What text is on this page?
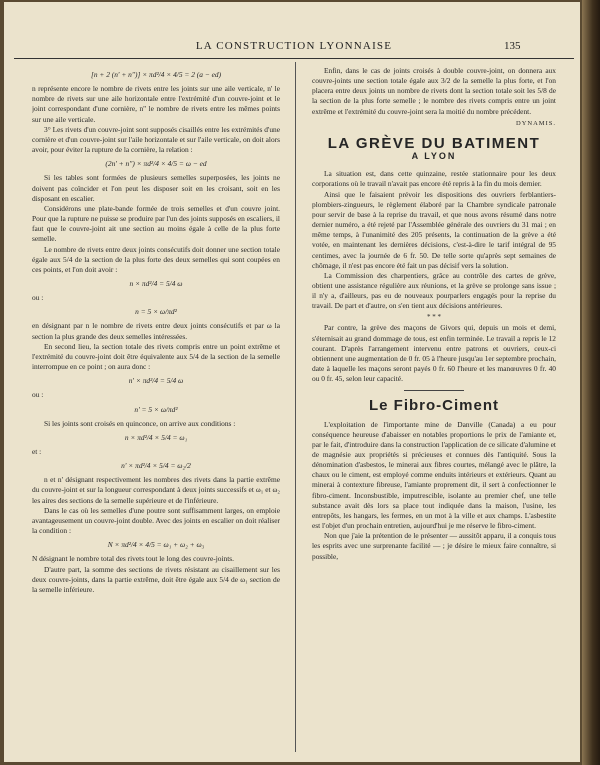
LA CONSTRUCTION LYONNAISE	135
[n + 2 (n' + n'')] × πd²/4 × 4/5 = 2 (a − ed)

n représente encore le nombre de rivets entre les joints sur une aile verticale, n' le nombre de rivets sur une aile horizontale entre l'extrémité d'un couvre-joint et le joint correspondant d'une cornière, n'' le nombre de rivets entre les mêmes points sur une aile verticale.

3° Les rivets d'un couvre-joint sont supposés cisaillés entre les extrémités d'une cornière et d'un couvre-joint sur l'aile horizontale et sur l'aile verticale, on doit alors avoir, pour éviter la rupture de la cornière, la relation :

(2n' + n'') × πd²/4 × 4/5 = ω − ed

Si les tables sont formées de plusieurs semelles superposées, les joints ne doivent pas coïncider et l'on peut les disposer soit en les croisant, soit en les disposant en escalier.

Considérons une plate-bande formée de trois semelles et d'un couvre joint. Pour que la rupture ne puisse se produire par l'un des joints supposés en escaliers, il faut que le couvre-joint ait une section au moins égale à celle de la plus forte semelle.

Le nombre de rivets entre deux joints consécutifs doit donner une section totale égale aux 5/4 de la section de la plus forte des deux semelles qui sont coupées en ces points, et l'on doit avoir :

n × πd²/4 = 5/4 ω

ou :

n = 5 × ω/πd²

en désignant par n le nombre de rivets entre deux joints consécutifs et par ω la section la plus grande des deux semelles intéressées.

En second lieu, la section totale des rivets compris entre un point extrême et l'extrémité du couvre-joint doit être équivalente aux 5/4 de la section de la semelle interrompue en ce point ; on aura donc :

n' × πd²/4 = 5/4 ω

ou :

n' = 5 × ω/πd²

Si les joints sont croisés en quinconce, on arrive aux conditions :

n × πd²/4 × 5/4 = ω₁

et :

n' × πd²/4 × 5/4 = ω₂/2

n et n' désignant respectivement les nombres des rivets dans la partie extrême du couvre-joint et sur la longueur correspondant à deux joints successifs et ω₁ et ω₂ les aires des sections de la semelle supérieure et de l'inférieure.

Dans le cas où les semelles d'une poutre sont suffisamment larges, on emploie avantageusement un couvre-joint double. Avec des joints en escalier on doit réaliser la condition :

N × πd²/4 × 4/5 = ω₁ + ω₂ + ω₃

N désignant le nombre total des rivets tout le long des couvre-joints.

D'autre part, la somme des sections de rivets résistant au cisaillement sur les deux couvre-joints, dans la partie extrême, doit être égale aux 5/4 de ω₁ section de la semelle inférieure.

Enfin, dans le cas de joints croisés à double couvre-joint, on donnera aux couvre-joints une section totale égale aux 3/2 de la semelle la plus forte, et l'on placera entre deux joints un nombre de rivets dont la section totale soit les 5/8 de la section de la plus forte semelle ; le nombre des rivets compris entre un joint extrême et l'extrémité du couvre-joint sera la moitié du nombre précédent.

DYNAMIS.
LA GRÈVE DU BATIMENT
A LYON

La situation est, dans cette quinzaine, restée stationnaire pour les deux corporations où le travail n'avait pas encore été repris à la fin du mois dernier.

Ainsi que le faisaient prévoir les dispositions des ouvriers ferblantiers-plombiers-zingueurs, le règlement élaboré par la Chambre syndicale patronale pour servir de base à la reprise du travail, et que nous avons résumé dans notre dernier numéro, a été rejeté par l'Assemblée générale des ouvriers du 31 mai ; en même temps, à l'unanimité des 205 présents, la continuation de la grève a été votée, en maintenant les dernières décisions, c'est-à-dire le tarif intégral de 95 centimes, avec la journée de 6 fr. 50. De telle sorte qu'après sept semaines de chômage, il n'est pas encore été fait un pas décisif vers la solution.

La Commission des charpentiers, grâce au contrôle des cartes de grève, obtient une assistance régulière aux réunions, et la grève se prolonge sans issue ; il n'y a, d'ailleurs, pas eu de nouveaux pourparlers engagés pour la reprise du travail. De part et d'autre, on s'en tient aux décisions antérieures.

* * *

Par contre, la grève des maçons de Givors qui, depuis un mois et demi, s'éternisait au grand dommage de tous, est enfin terminée. Le travail a repris le 12 courant. D'après l'arrangement intervenu entre patrons et ouvriers, ceux-ci obtiennent une augmentation de 0 fr. 05 à l'heure jusqu'au 1er septembre prochain, date à laquelle les maçons seront payés 0 fr. 60 l'heure et les manœuvres 0 fr. 40 ou 0 fr. 45, selon leur capacité.

Le Fibro-Ciment

L'exploitation de l'importante mine de Danville (Canada) a eu pour conséquence heureuse d'abaisser en notables proportions le prix de l'amiante et, par le fait, d'introduire dans la construction l'application de ce silicate d'alumine et de magnésie aux propriétés si précieuses et connues dès l'antiquité. Sous la dénomination d'asbestos, le minerai aux fibres courtes, mélangé avec le plâtre, la chaux ou le ciment, est employé comme enduits intérieurs et extérieurs. Quant au minerai à contexture fibreuse, l'amiante proprement dit, il sert à confectionner le fibro-ciment. Inconsbustible, imputrescible, isolante au premier chef, une telle substance avait dès lors sa place tout indiquée dans la maison, l'usine, les entrepôts, les hangars, les fermes, en un mot à la ville et aux champs. L'asbestite est l'objet d'un prochain entretien, aujourd'hui je me réserve le fibro-ciment.

Non que j'aie la prétention de le présenter — aussitôt apparu, il a conquis tous les esprits avec une surprenante facilité — ; je désire le mieux faire connaître, si possible,
